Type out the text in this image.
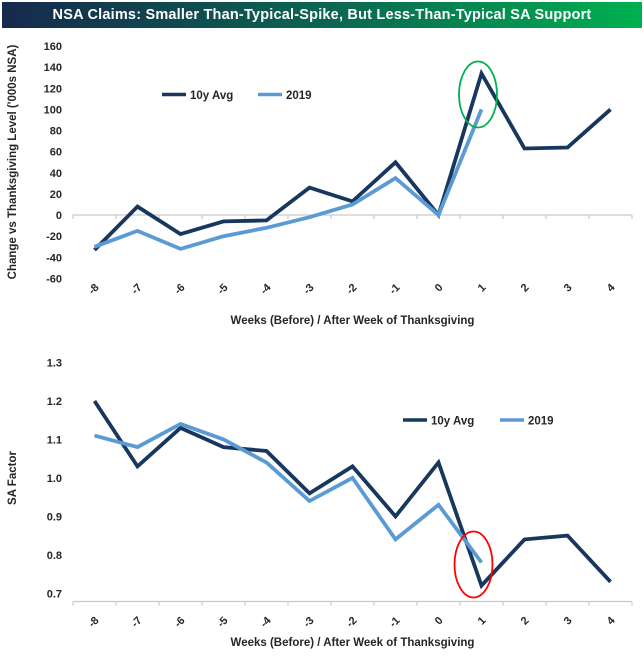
NSA Claims: Smaller Than-Typical-Spike, But Less-Than-Typical SA Support
10y Avg	2019
160
140
120
100
80
60
40
20
0
-20
-40
-60
-8	-7	-6	-5	-4	-3	-2	-1	0	1	2	3	4
Weeks (Before) / After Week of Thanksgiving
Change vs Thanksgiving Level ('000s NSA)
10y Avg	2019
1.3
1.2
1.1
1.0
0.9
0.8
0.7
-8	-7	-6	-5	-4	-3	-2	-1	0	1	2	3	4
Weeks (Before) / After Week of Thanksgiving
SA Factor
